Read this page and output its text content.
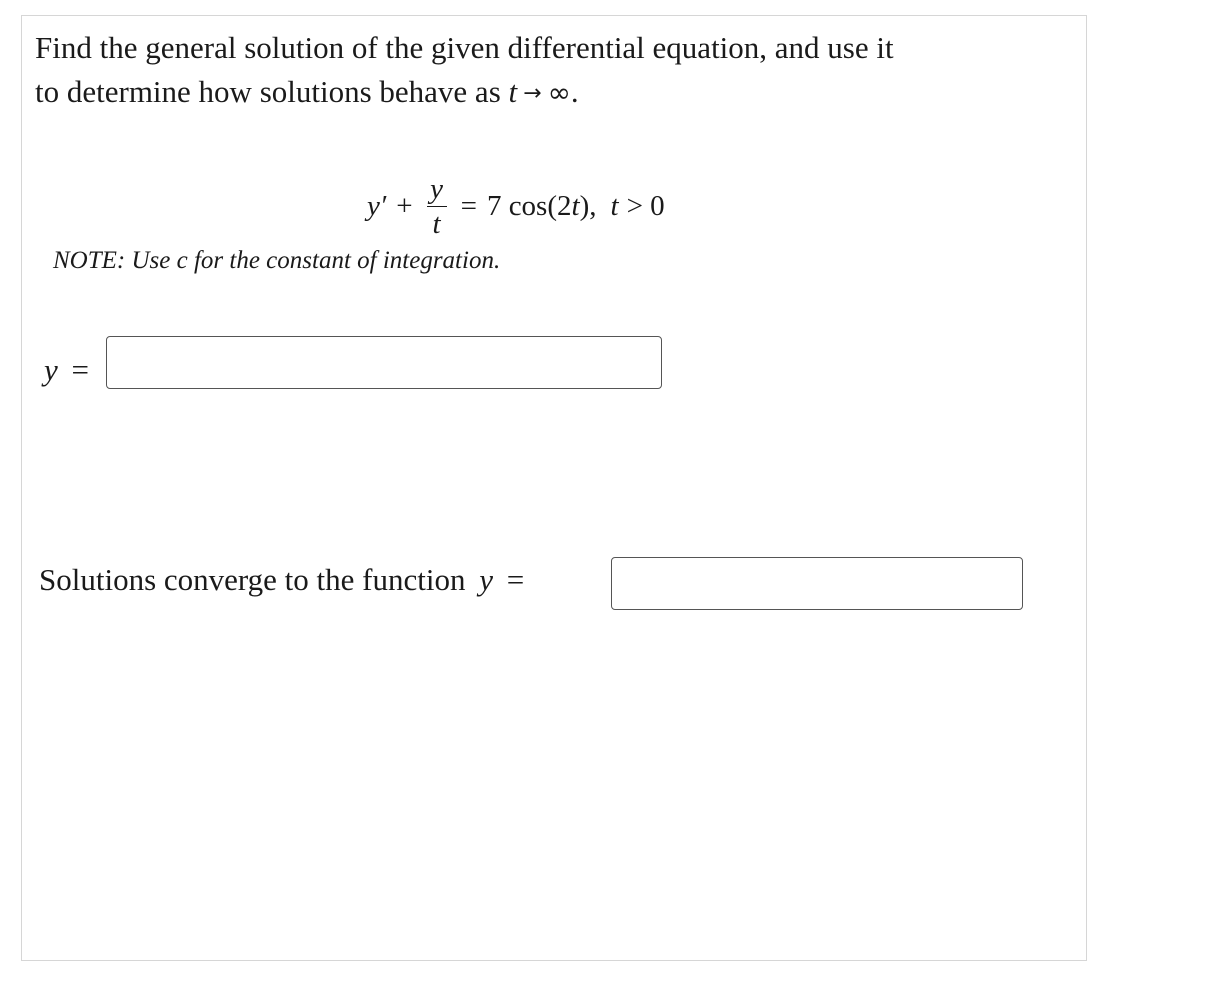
Find the general solution of the given differential equation, and use it
to determine how solutions behave as t → ∞.

$y' + \frac{y}{t} = 7$ cos(2 t ), t > 0

NOTE: Use c for the constant of integration.

y =
Solutions converge to the function y =
